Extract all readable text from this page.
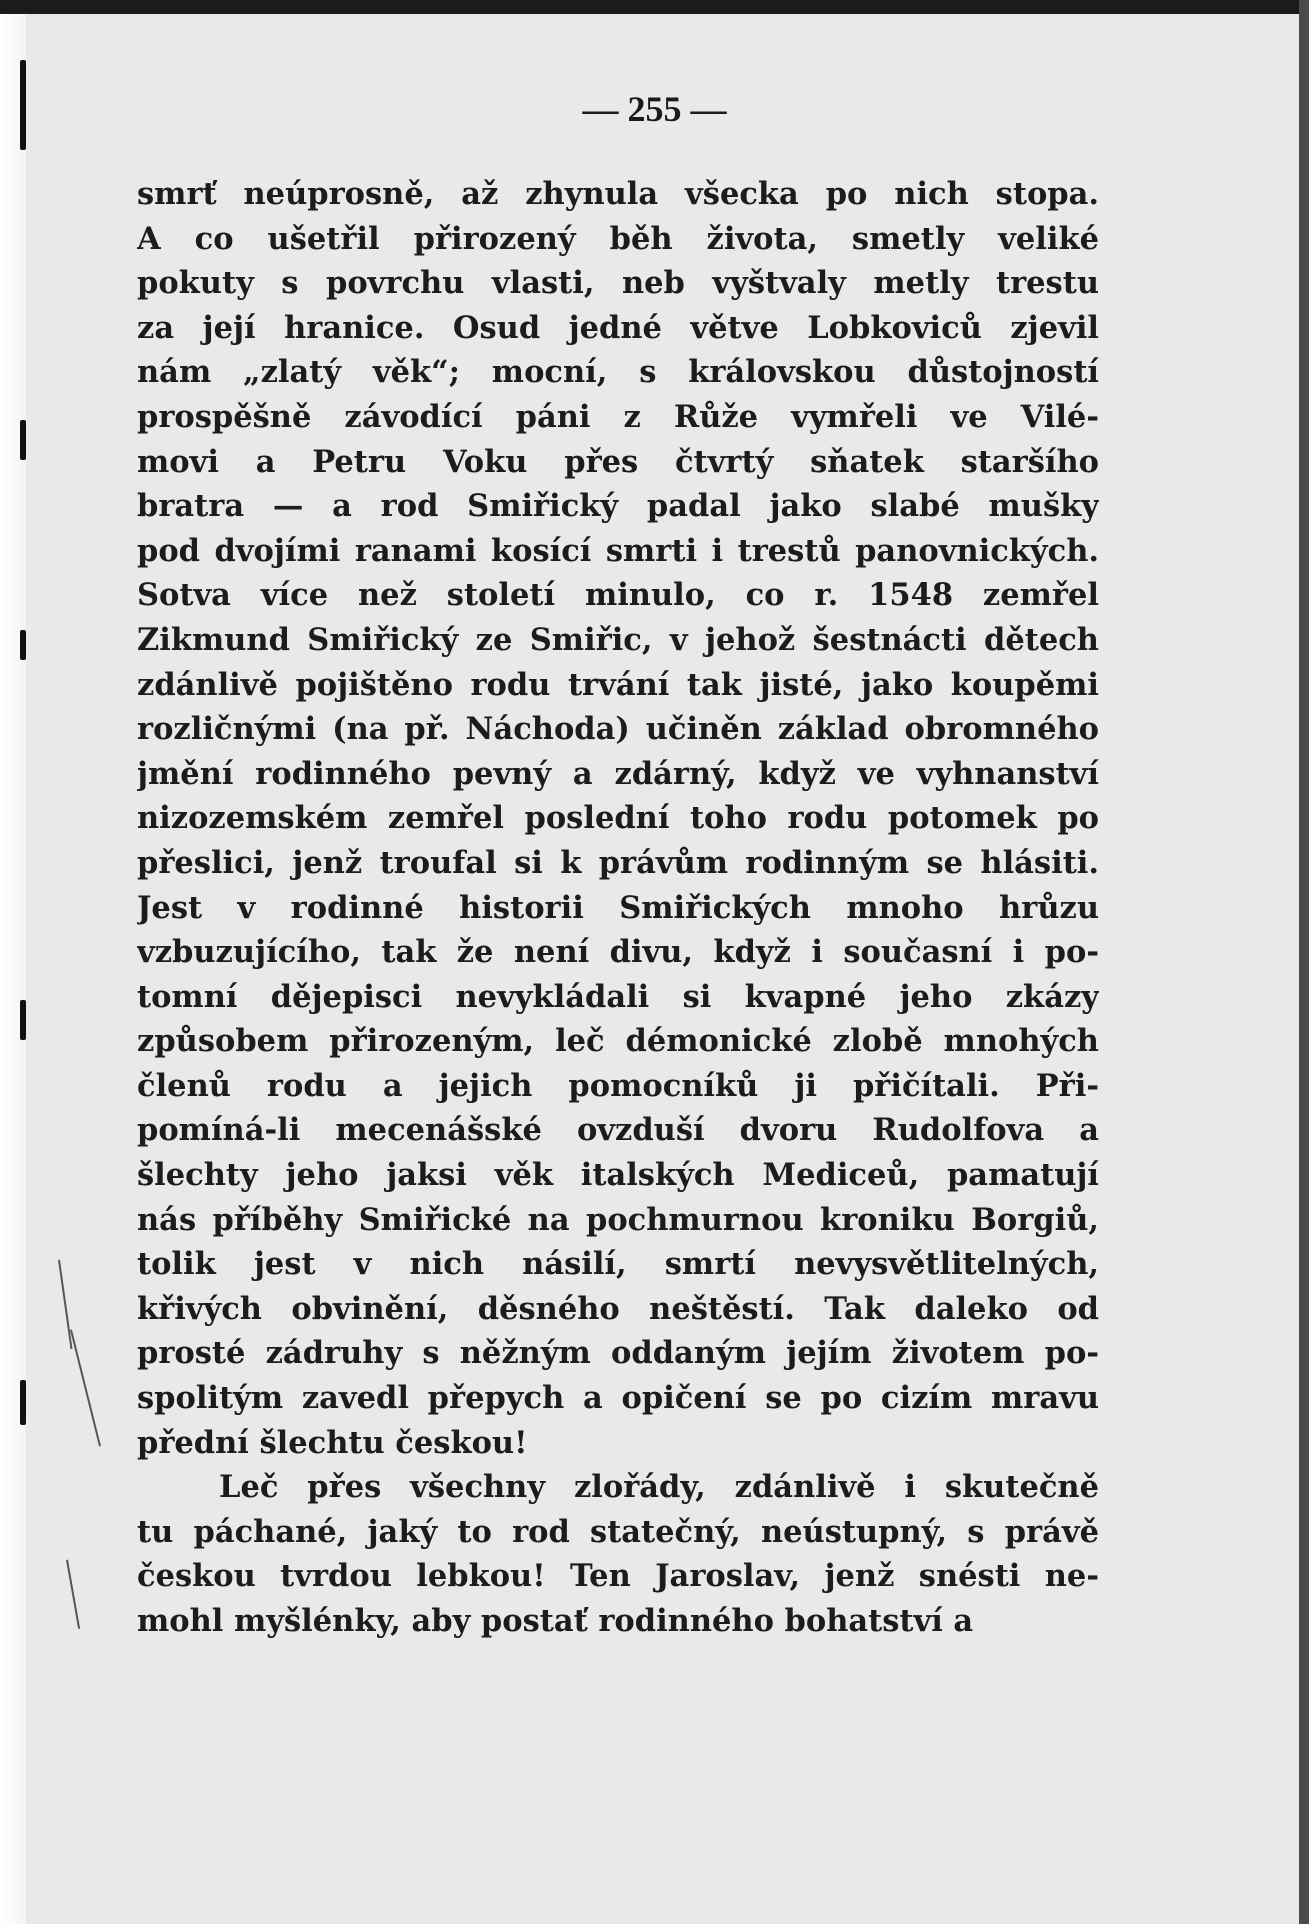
— 255 —
smrť neúprosně, až zhynula všecka po nich stopa.
A co ušetřil přirozený běh života, smetly veliké
pokuty s povrchu vlasti, neb vyštvaly metly trestu
za její hranice. Osud jedné větve Lobkoviců zjevil
nám „zlatý věk“; mocní, s královskou důstojností
prospěšně závodící páni z Růže vymřeli ve Vilé-
movi a Petru Voku přes čtvrtý sňatek staršího
bratra — a rod Smiřický padal jako slabé mušky
pod dvojími ranami kosící smrti i trestů panovnických.
Sotva více než století minulo, co r. 1548 zemřel
Zikmund Smiřický ze Smiřic, v jehož šestnácti dětech
zdánlivě pojištěno rodu trvání tak jisté, jako koupěmi
rozličnými (na př. Náchoda) učiněn základ obromného
jmění rodinného pevný a zdárný, když ve vyhnanství
nizozemském zemřel poslední toho rodu potomek po
přeslici, jenž troufal si k právům rodinným se hlásiti.
Jest v rodinné historii Smiřických mnoho hrůzu
vzbuzujícího, tak že není divu, když i současní i po-
tomní dějepisci nevykládali si kvapné jeho zkázy
způsobem přirozeným, leč démonické zlobě mnohých
členů rodu a jejich pomocníků ji přičítali. Při-
pomíná-li mecenášské ovzduší dvoru Rudolfova a
šlechty jeho jaksi věk italských Mediceů, pamatují
nás příběhy Smiřické na pochmurnou kroniku Borgiů,
tolik jest v nich násilí, smrtí nevysvětlitelných,
křivých obvinění, děsného neštěstí. Tak daleko od
prosté zádruhy s něžným oddaným jejím životem po-
spolitým zavedl přepych a opičení se po cizím mravu
přední šlechtu českou!
Leč přes všechny zlořády, zdánlivě i skutečně
tu páchané, jaký to rod statečný, neústupný, s právě
českou tvrdou lebkou! Ten Jaroslav, jenž snésti ne-
mohl myšlénky, aby postať rodinného bohatství a
